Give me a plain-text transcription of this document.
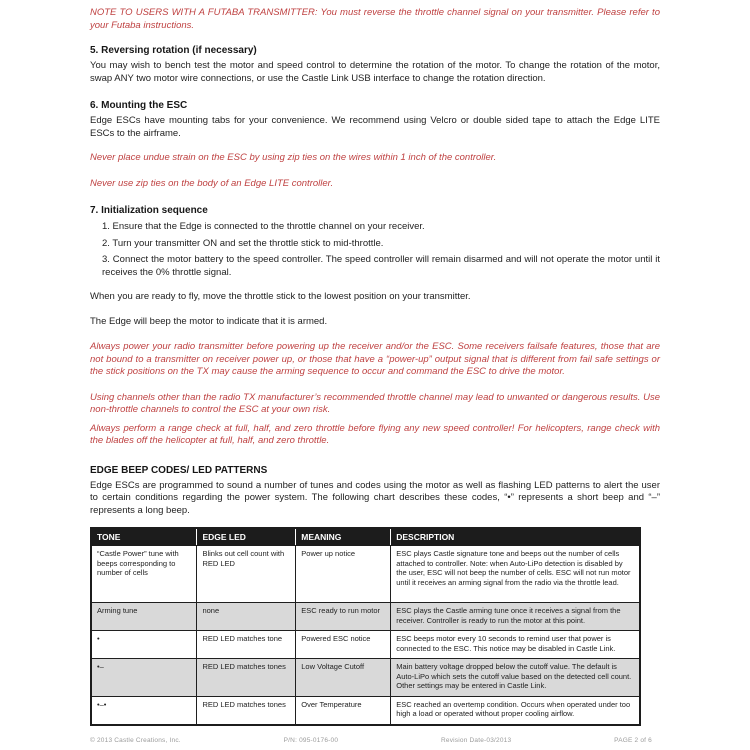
NOTE TO USERS WITH A FUTABA TRANSMITTER: You must reverse the throttle channel signal on your transmitter. Please refer to your Futaba instructions.

5. Reversing rotation (if necessary)

You may wish to bench test the motor and speed control to determine the rotation of the motor. To change the rotation of the motor, swap ANY two motor wire connections, or use the Castle Link USB interface to change the rotation direction.

6. Mounting the ESC

Edge ESCs have mounting tabs for your convenience. We recommend using Velcro or double sided tape to attach the Edge LITE ESCs to the airframe.

Never place undue strain on the ESC by using zip ties on the wires within 1 inch of the controller.

Never use zip ties on the body of an Edge LITE controller.

7. Initialization sequence

1. Ensure that the Edge is connected to the throttle channel on your receiver.

2. Turn your transmitter ON and set the throttle stick to mid-throttle.

3. Connect the motor battery to the speed controller. The speed controller will remain disarmed and will not operate the motor until it receives the 0% throttle signal.

When you are ready to fly, move the throttle stick to the lowest position on your transmitter.

The Edge will beep the motor to indicate that it is armed.

Always power your radio transmitter before powering up the receiver and/or the ESC. Some receivers failsafe features, those that are not bound to a transmitter on receiver power up, or those that have a “power-up” output signal that is different from fail safe settings or the stick positions on the TX may cause the arming sequence to occur and command the ESC to drive the motor.

Using channels other than the radio TX manufacturer’s recommended throttle channel may lead to unwanted or dangerous results. Use non-throttle channels to control the ESC at your own risk.

Always perform a range check at full, half, and zero throttle before flying any new speed controller! For helicopters, range check with the blades off the helicopter at full, half, and zero throttle.

EDGE BEEP CODES/ LED PATTERNS

Edge ESCs are programmed to sound a number of tunes and codes using the motor as well as flashing LED patterns to alert the user to certain conditions regarding the power system. The following chart describes these codes, “•” represents a short beep and “–” represents a long beep.

TONE	EDGE LED	MEANING	DESCRIPTION
“Castle Power” tune with beeps corresponding to number of cells	Blinks out cell count with RED LED	Power up notice	ESC plays Castle signature tone and beeps out the number of cells attached to controller. Note: when Auto-LiPo detection is disabled by the user, ESC will not beep the number of cells. ESC will not run motor until it receives an arming signal from the radio via the throttle lead.
Arming tune	none	ESC ready to run motor	ESC plays the Castle arming tune once it receives a signal from the receiver. Controller is ready to run the motor at this point.
•	RED LED matches tone	Powered ESC notice	ESC beeps motor every 10 seconds to remind user that power is connected to the ESC. This notice may be disabled in Castle Link.
•–	RED LED matches tones	Low Voltage Cutoff	Main battery voltage dropped below the cutoff value. The default is Auto-LiPo which sets the cutoff value based on the detected cell count. Other settings may be entered in Castle Link.
•–•	RED LED matches tones	Over Temperature	ESC reached an overtemp condition. Occurs when operated under too high a load or operated without proper cooling airflow.
© 2013 Castle Creations, Inc.	P/N: 095-0176-00	Revision Date-03/2013	PAGE 2 of 6
